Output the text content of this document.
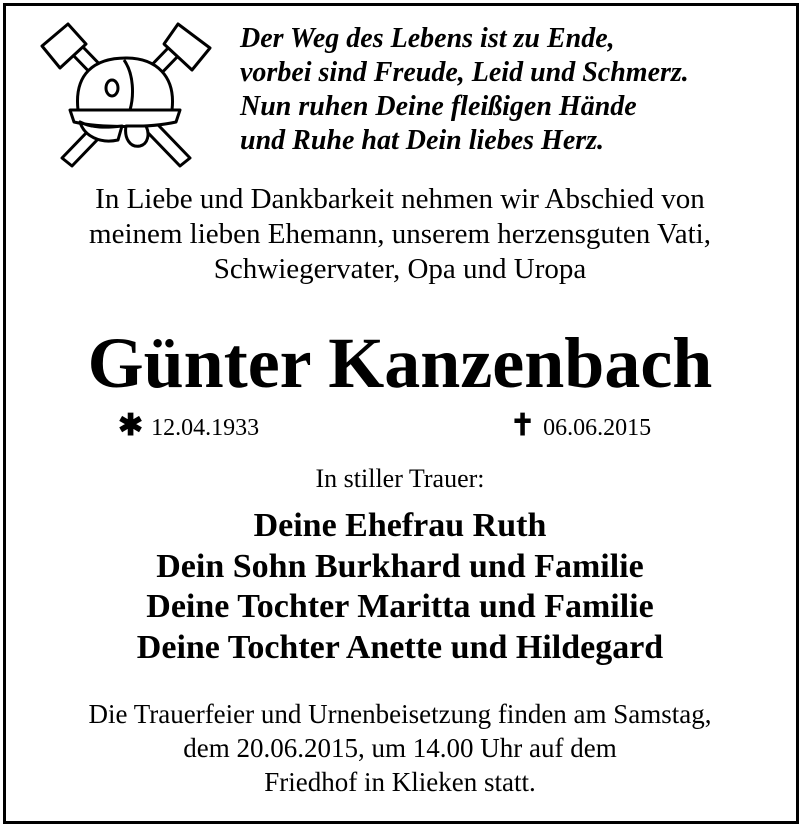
Der Weg des Lebens ist zu Ende,
vorbei sind Freude, Leid und Schmerz.
Nun ruhen Deine fleißigen Hände
und Ruhe hat Dein liebes Herz.
In Liebe und Dankbarkeit nehmen wir Abschied von
meinem lieben Ehemann, unserem herzensguten Vati,
Schwiegervater, Opa und Uropa
Günter Kanzenbach
✱ 12.04.1933	✝ 06.06.2015
In stiller Trauer:
Deine Ehefrau Ruth
Dein Sohn Burkhard und Familie
Deine Tochter Maritta und Familie
Deine Tochter Anette und Hildegard
Die Trauerfeier und Urnenbeisetzung finden am Samstag,
dem 20.06.2015, um 14.00 Uhr auf dem
Friedhof in Klieken statt.
